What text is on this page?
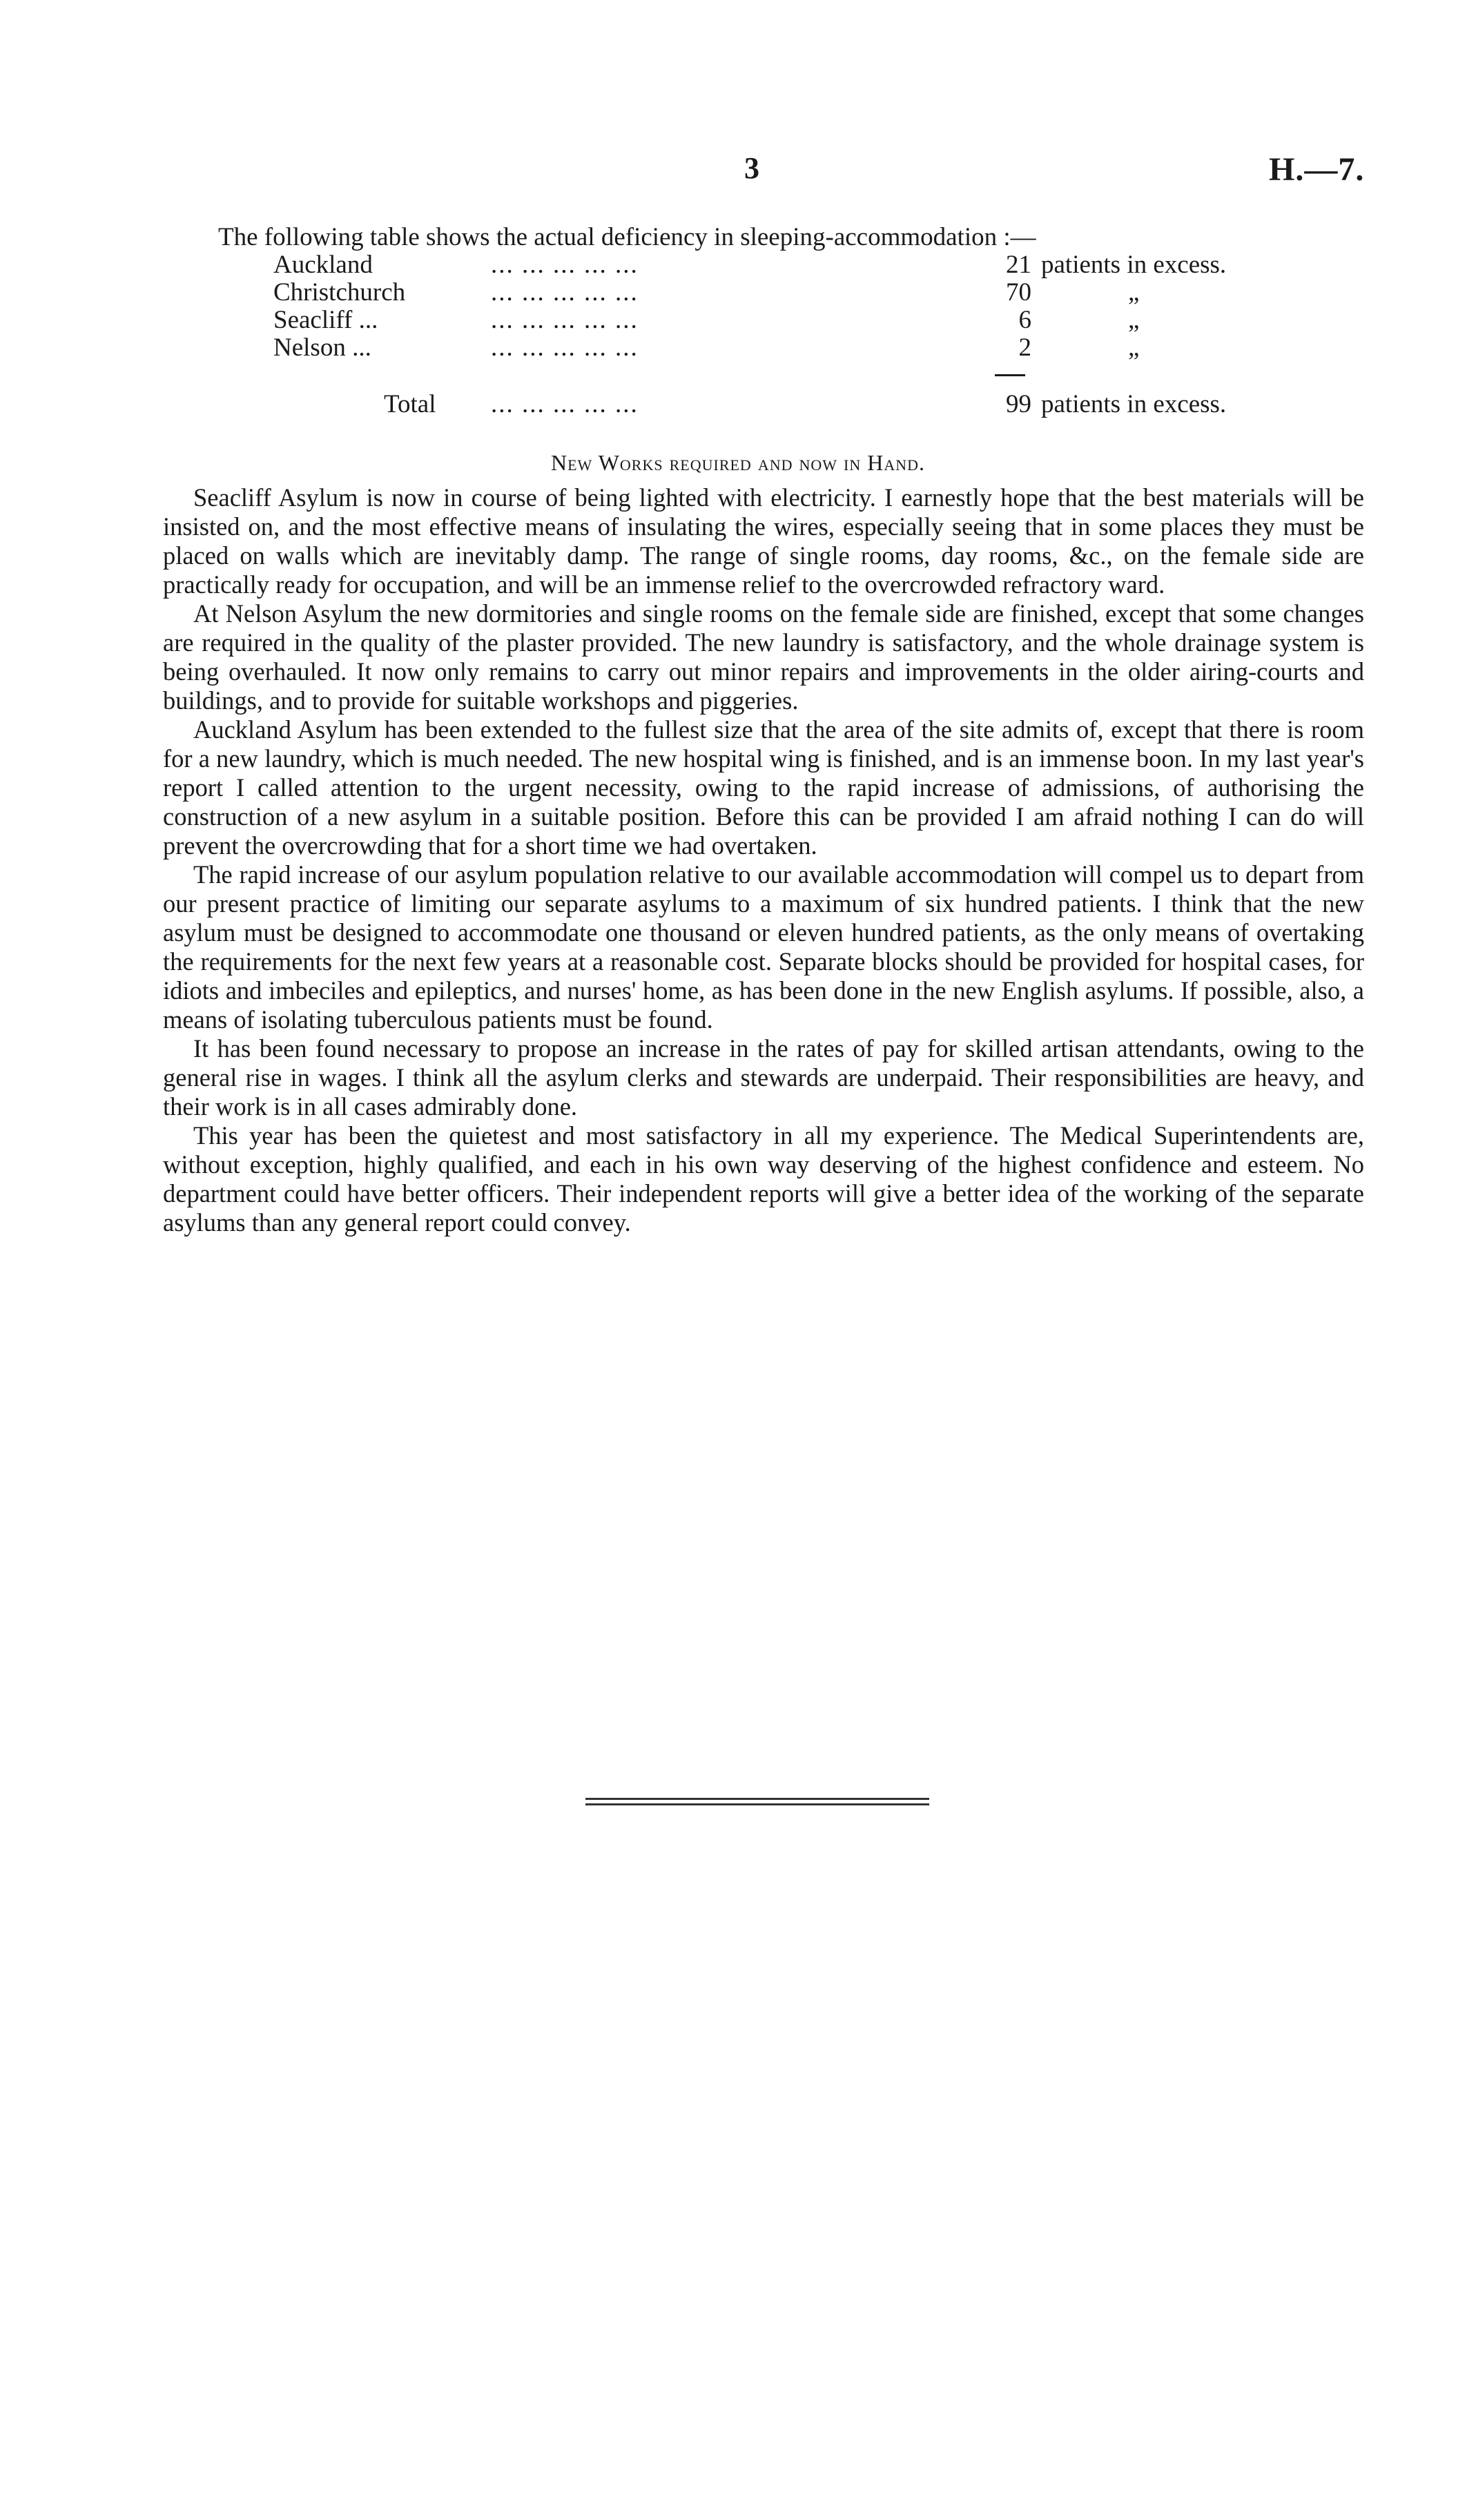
3	H.—7.
The following table shows the actual deficiency in sleeping-accommodation :—
Auckland	... ... ... ... ...	21 patients in excess.
Christchurch	... ... ... ... ...	70	„
Seacliff ...	... ... ... ... ...	6	„
Nelson ...	... ... ... ... ...	2	„
Total ... ... ... ... ...	99 patients in excess.
New Works required and now in Hand.

Seacliff Asylum is now in course of being lighted with electricity. I earnestly hope that the best materials will be insisted on, and the most effective means of insulating the wires, especially seeing that in some places they must be placed on walls which are inevitably damp. The range of single rooms, day rooms, &c., on the female side are practically ready for occupation, and will be an immense relief to the overcrowded refractory ward.

At Nelson Asylum the new dormitories and single rooms on the female side are finished, except that some changes are required in the quality of the plaster provided. The new laundry is satisfactory, and the whole drainage system is being overhauled. It now only remains to carry out minor repairs and improvements in the older airing-courts and buildings, and to provide for suitable workshops and piggeries.

Auckland Asylum has been extended to the fullest size that the area of the site admits of, except that there is room for a new laundry, which is much needed. The new hospital wing is finished, and is an immense boon. In my last year's report I called attention to the urgent necessity, owing to the rapid increase of admissions, of authorising the construction of a new asylum in a suitable position. Before this can be provided I am afraid nothing I can do will prevent the overcrowding that for a short time we had overtaken.

The rapid increase of our asylum population relative to our available accommodation will compel us to depart from our present practice of limiting our separate asylums to a maximum of six hundred patients. I think that the new asylum must be designed to accommodate one thousand or eleven hundred patients, as the only means of overtaking the requirements for the next few years at a reasonable cost. Separate blocks should be provided for hospital cases, for idiots and imbeciles and epileptics, and nurses' home, as has been done in the new English asylums. If possible, also, a means of isolating tuberculous patients must be found.

It has been found necessary to propose an increase in the rates of pay for skilled artisan attendants, owing to the general rise in wages. I think all the asylum clerks and stewards are underpaid. Their responsibilities are heavy, and their work is in all cases admirably done.

This year has been the quietest and most satisfactory in all my experience. The Medical Superintendents are, without exception, highly qualified, and each in his own way deserving of the highest confidence and esteem. No department could have better officers. Their independent reports will give a better idea of the working of the separate asylums than any general report could convey.
